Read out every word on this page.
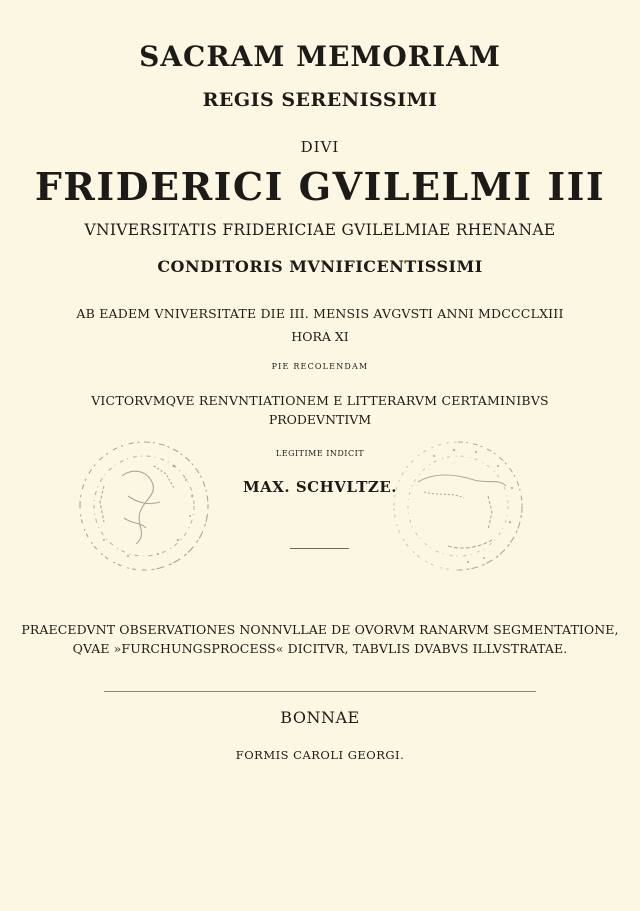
SACRAM MEMORIAM
REGIS SERENISSIMI
DIVI
FRIDERICI GVILELMI III
VNIVERSITATIS FRIDERICIAE GVILELMIAE RHENANAE
CONDITORIS MVNIFICENTISSIMI
AB EADEM VNIVERSITATE DIE III. MENSIS AVGVSTI ANNI MDCCCLXIII
HORA XI
PIE RECOLENDAM
VICTORVMQVE RENVNTIATIONEM E LITTERARVM CERTAMINIBVS
PRODEVNTIVM
LEGITIME INDICIT
MAX. SCHVLTZE.
PRAECEDVNT OBSERVATIONES NONNVLLAE DE OVORVM RANARVM SEGMENTATIONE,
QVAE »FURCHUNGSPROCESS« DICITVR, TABVLIS DVABVS ILLVSTRATAE.
BONNAE
FORMIS CAROLI GEORGI.
